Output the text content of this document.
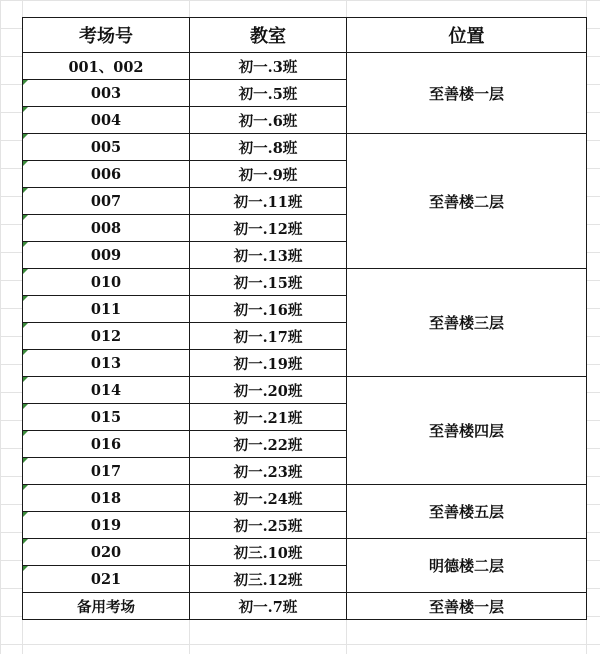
考场号	教室	位置
001、002	初一.3班	至善楼一层
003	初一.5班	
004	初一.6班	
005	初一.8班	至善楼二层
006	初一.9班	
007	初一.11班	
008	初一.12班	
009	初一.13班	
010	初一.15班	至善楼三层
011	初一.16班	
012	初一.17班	
013	初一.19班	
014	初一.20班	至善楼四层
015	初一.21班	
016	初一.22班	
017	初一.23班	
018	初一.24班	至善楼五层
019	初一.25班	
020	初三.10班	明德楼二层
021	初三.12班	
备用考场	初一.7班	至善楼一层
